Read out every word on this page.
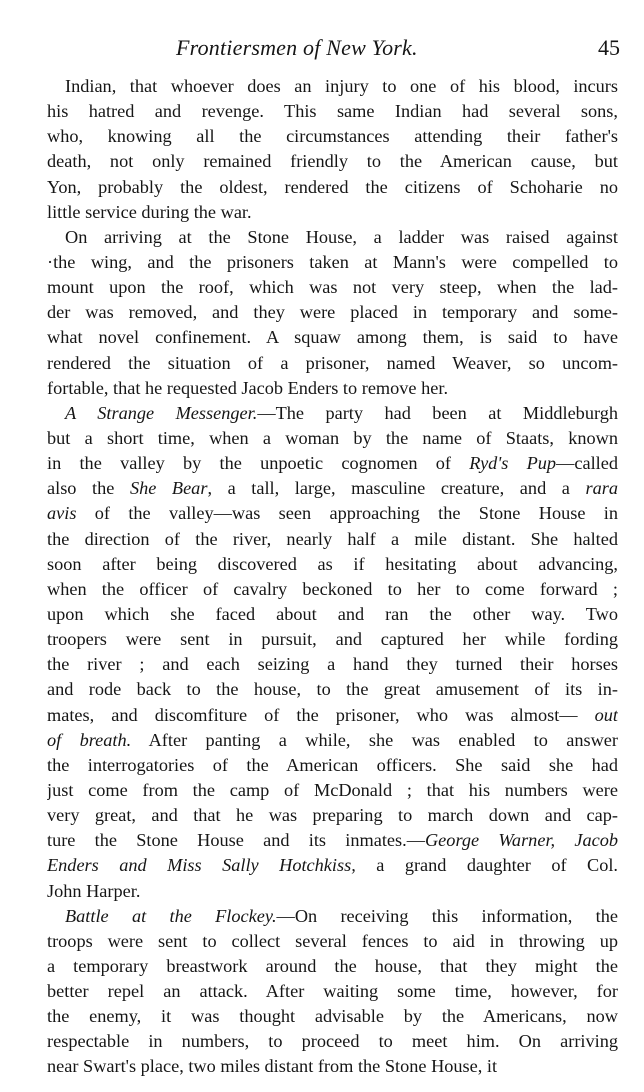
Frontiersmen of New York.	45
Indian, that whoever does an injury to one of his blood, incurs
his hatred and revenge. This same Indian had several sons,
who, knowing all the circumstances attending their father's
death, not only remained friendly to the American cause, but
Yon, probably the oldest, rendered the citizens of Schoharie no
little service during the war.
On arriving at the Stone House, a ladder was raised against
·the wing, and the prisoners taken at Mann's were compelled to
mount upon the roof, which was not very steep, when the lad-
der was removed, and they were placed in temporary and some-
what novel confinement. A squaw among them, is said to have
rendered the situation of a prisoner, named Weaver, so uncom-
fortable, that he requested Jacob Enders to remove her.
A Strange Messenger.—The party had been at Middleburgh
but a short time, when a woman by the name of Staats, known
in the valley by the unpoetic cognomen of Ryd's Pup—called
also the She Bear, a tall, large, masculine creature, and a rara
avis of the valley—was seen approaching the Stone House in
the direction of the river, nearly half a mile distant. She halted
soon after being discovered as if hesitating about advancing,
when the officer of cavalry beckoned to her to come forward ;
upon which she faced about and ran the other way. Two
troopers were sent in pursuit, and captured her while fording
the river ; and each seizing a hand they turned their horses
and rode back to the house, to the great amusement of its in-
mates, and discomfiture of the prisoner, who was almost— out
of breath. After panting a while, she was enabled to answer
the interrogatories of the American officers. She said she had
just come from the camp of McDonald ; that his numbers were
very great, and that he was preparing to march down and cap-
ture the Stone House and its inmates.—George Warner, Jacob
Enders and Miss Sally Hotchkiss, a grand daughter of Col.
John Harper.
Battle at the Flockey.—On receiving this information, the
troops were sent to collect several fences to aid in throwing up
a temporary breastwork around the house, that they might the
better repel an attack. After waiting some time, however, for
the enemy, it was thought advisable by the Americans, now
respectable in numbers, to proceed to meet him. On arriving
near Swart's place, two miles distant from the Stone House, it
